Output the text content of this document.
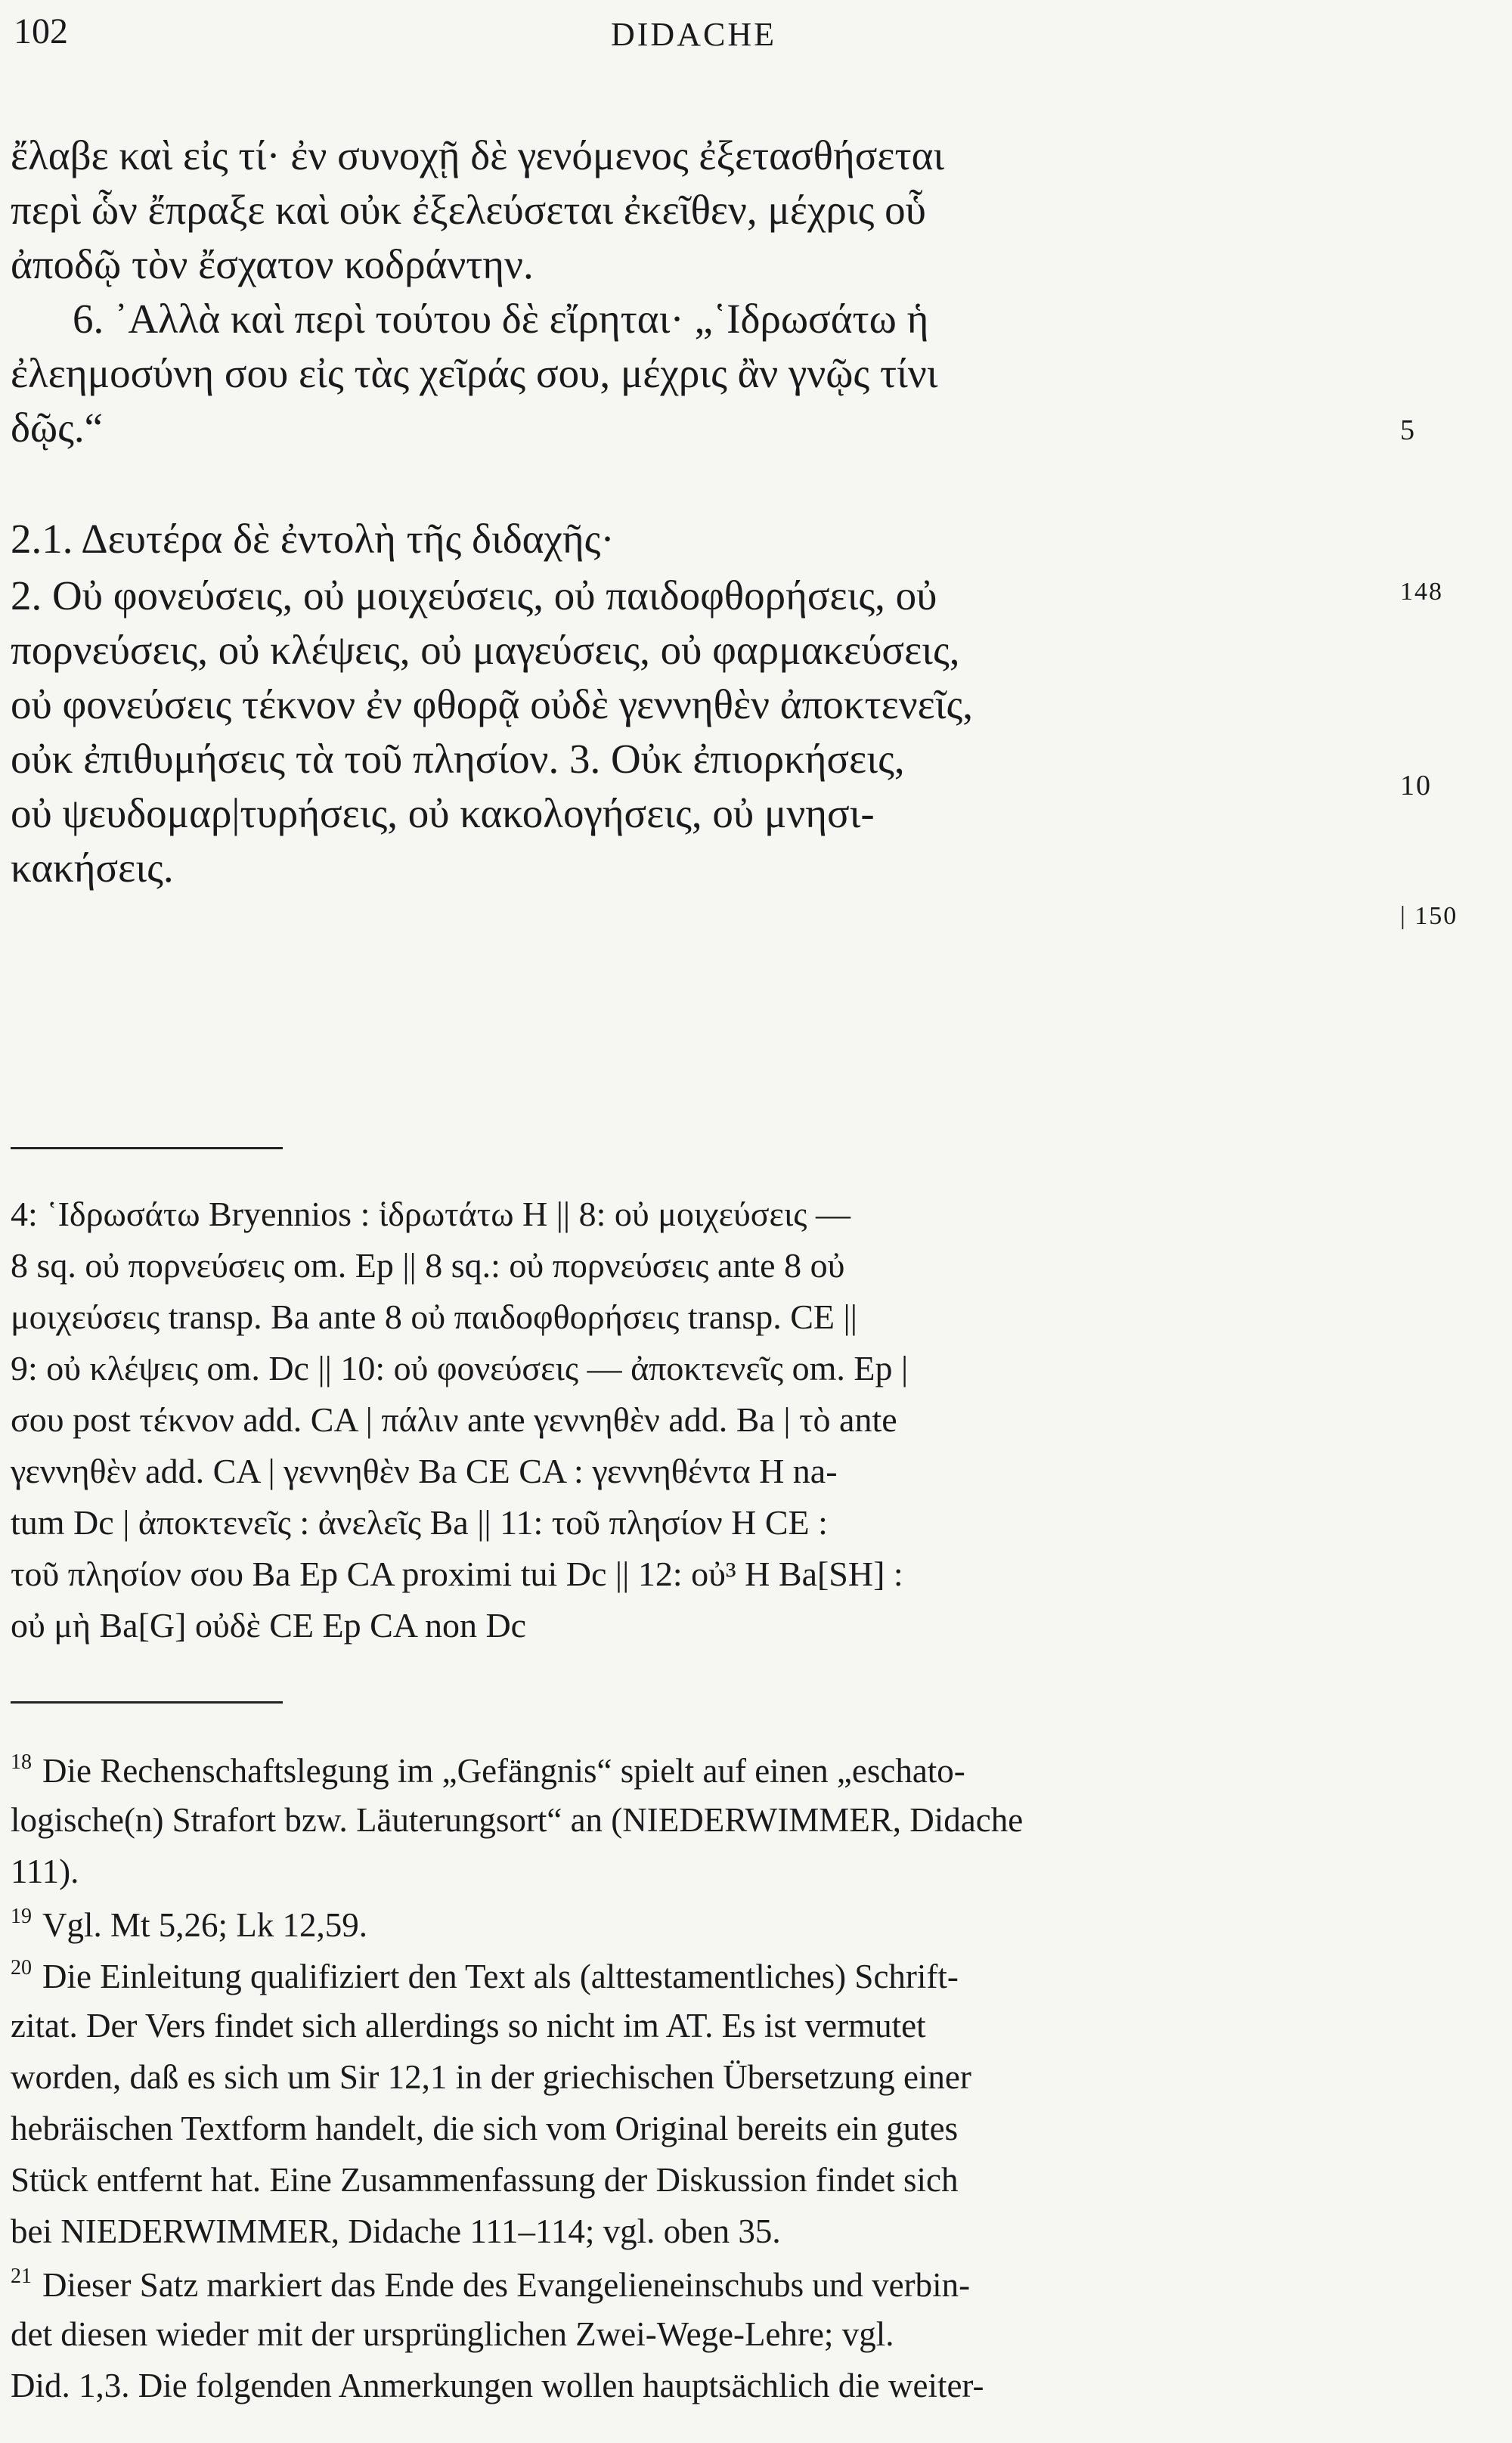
102	DIDACHE
ἔλαβε καὶ εἰς τί· ἐν συνοχῇ δὲ γενόμενος ἐξετασθήσεται
περὶ ὧν ἔπραξε καὶ οὐκ ἐξελεύσεται ἐκεῖθεν, μέχρις οὗ
ἀποδῷ τὸν ἔσχατον κοδράντην.
6. ᾿Αλλὰ καὶ περὶ τούτου δὲ εἴρηται· „῾Ιδρωσάτω ἡ
ἐλεημοσύνη σου εἰς τὰς χεῖράς σου, μέχρις ἂν γνῷς τίνι
δῷς.“
2.1. Δευτέρα δὲ ἐντολὴ τῆς διδαχῆς·
2. Οὐ φονεύσεις, οὐ μοιχεύσεις, οὐ παιδοφθορήσεις, οὐ
πορνεύσεις, οὐ κλέψεις, οὐ μαγεύσεις, οὐ φαρμακεύσεις,
οὐ φονεύσεις τέκνον ἐν φθορᾷ οὐδὲ γεννηθὲν ἀποκτενεῖς,
οὐκ ἐπιθυμήσεις τὰ τοῦ πλησίον. 3. Οὐκ ἐπιορκήσεις,
οὐ ψευδομαρ|τυρήσεις, οὐ κακολογήσεις, οὐ μνησι-
κακήσεις.
5
148
10
| 150
4: ῾Ιδρωσάτω Bryennios : ἱδρωτάτω H || 8: οὐ μοιχεύσεις —
8 sq. οὐ πορνεύσεις om. Ep || 8 sq.: οὐ πορνεύσεις ante 8 οὐ
μοιχεύσεις transp. Ba ante 8 οὐ παιδοφθορήσεις transp. CE ||
9: οὐ κλέψεις om. Dc || 10: οὐ φονεύσεις — ἀποκτενεῖς om. Ep |
σου post τέκνον add. CA | πάλιν ante γεννηθὲν add. Ba | τὸ ante
γεννηθὲν add. CA | γεννηθὲν Ba CE CA : γεννηθέντα H na-
tum Dc | ἀποκτενεῖς : ἀνελεῖς Ba || 11: τοῦ πλησίον H CE :
τοῦ πλησίον σου Ba Ep CA proximi tui Dc || 12: οὐ³ H Ba[SH] :
οὐ μὴ Ba[G] οὐδὲ CE Ep CA non Dc
$^{18}$ Die Rechenschaftslegung im „Gefängnis“ spielt auf einen „eschato-
logische(n) Strafort bzw. Läuterungsort“ an (NIEDERWIMMER, Didache
111).
$^{19}$ Vgl. Mt 5,26; Lk 12,59.
$^{20}$ Die Einleitung qualifiziert den Text als (alttestamentliches) Schrift-
zitat. Der Vers findet sich allerdings so nicht im AT. Es ist vermutet
worden, daß es sich um Sir 12,1 in der griechischen Übersetzung einer
hebräischen Textform handelt, die sich vom Original bereits ein gutes
Stück entfernt hat. Eine Zusammenfassung der Diskussion findet sich
bei NIEDERWIMMER, Didache 111–114; vgl. oben 35.
$^{21}$ Dieser Satz markiert das Ende des Evangelieneinschubs und verbin-
det diesen wieder mit der ursprünglichen Zwei-Wege-Lehre; vgl.
Did. 1,3. Die folgenden Anmerkungen wollen hauptsächlich die weiter-
